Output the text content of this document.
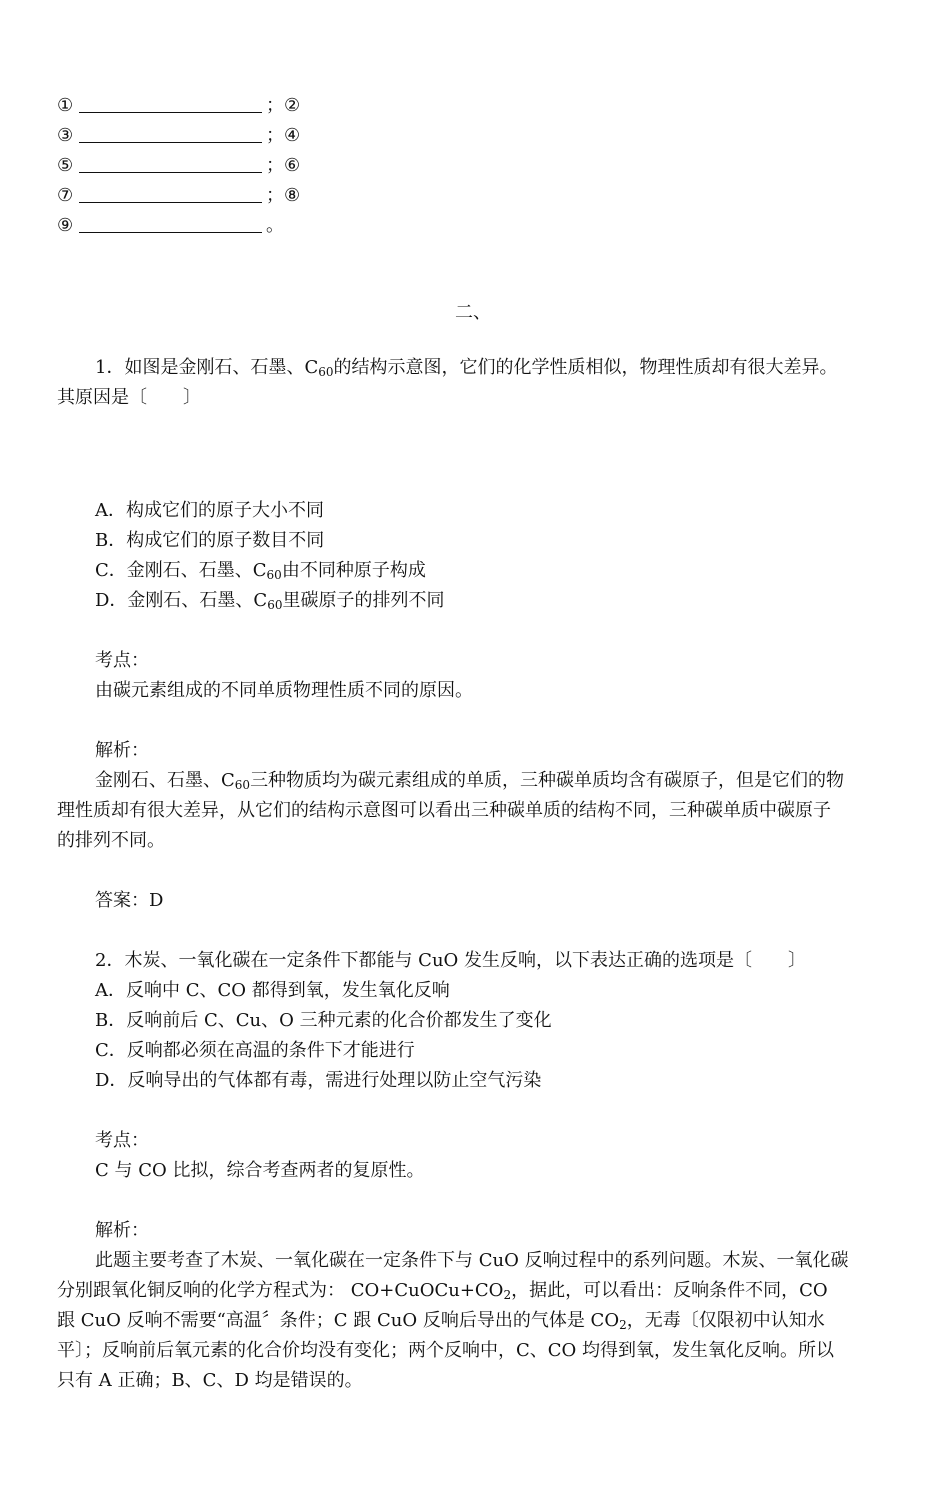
①	；②
③	；④
⑤	；⑥
⑦	；⑧
⑨	。
二、
1．如图是金刚石、石墨、$C_{60}$的结构示意图，它们的化学性质相似，物理性质却有很大差异。
其原因是〔　　〕
A．构成它们的原子大小不同
B．构成它们的原子数目不同
C．金刚石、石墨、$C_{60}$由不同种原子构成
D．金刚石、石墨、$C_{60}$里碳原子的排列不同
考点：
由碳元素组成的不同单质物理性质不同的原因。
解析：
金刚石、石墨、$C_{60}$三种物质均为碳元素组成的单质，三种碳单质均含有碳原子，但是它们的物
理性质却有很大差异，从它们的结构示意图可以看出三种碳单质的结构不同，三种碳单质中碳原子
的排列不同。
答案：D
2．木炭、一氧化碳在一定条件下都能与 CuO 发生反响，以下表达正确的选项是〔　　〕
A．反响中 C、CO 都得到氧，发生氧化反响
B．反响前后 C、Cu、O 三种元素的化合价都发生了变化
C．反响都必须在高温的条件下才能进行
D．反响导出的气体都有毒，需进行处理以防止空气污染
考点：
C 与 CO 比拟，综合考查两者的复原性。
解析：
此题主要考查了木炭、一氧化碳在一定条件下与 CuO 反响过程中的系列问题。木炭、一氧化碳
分别跟氧化铜反响的化学方程式为： $CO+CuOCu+CO_2$，据此，可以看出：反响条件不同，CO
跟 CuO 反响不需要“高温〞条件；C 跟 CuO 反响后导出的气体是 $CO_2$，无毒〔仅限初中认知水
平〕；反响前后氧元素的化合价均没有变化；两个反响中，C、CO 均得到氧，发生氧化反响。所以
只有 A 正确；B、C、D 均是错误的。
